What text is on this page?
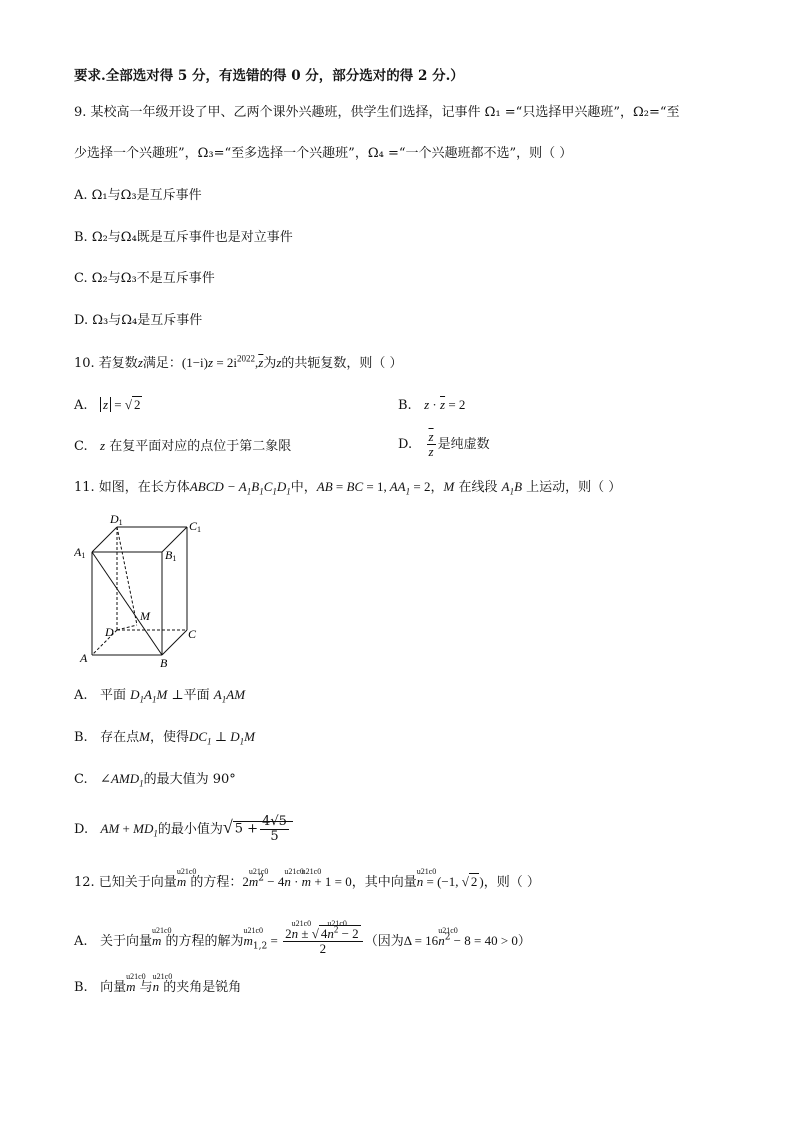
要求.全部选对得 5 分，有选错的得 0 分，部分选对的得 2 分.）
9. 某校高一年级开设了甲、乙两个课外兴趣班，供学生们选择，记事件 Ω₁ =“只选择甲兴趣班”，Ω₂=“至
少选择一个兴趣班”，Ω₃=“至多选择一个兴趣班”，Ω₄ =“一个兴趣班都不选”，则（ ）
A. Ω₁与Ω₃是互斥事件
B. Ω₂与Ω₄既是互斥事件也是对立事件
C. Ω₂与Ω₃不是互斥事件
D. Ω₃与Ω₄是互斥事件
10. 若复数z满足：$(1-i)z = 2i^{2022},\overline{z}$为z的共轭复数，则（ ）
A. z = √ 2	B. $z \cdot \overline{z} = 2$
C. z 在复平面对应的点位于第二象限	D. $\frac{\overline{z}}{z}$ 是纯虚数
11. 如图，在长方体ABCD − $A_1B_1C_1D_1$中，AB = BC = 1, $AA_1 = 2$，M 在线段 $A_1B$ 上运动，则（ ）
D1	C1
A1	B1
M
D	C
A	B
A. 平面 $D_1A_1M$ ⊥平面 $A_1AM$
B. 存在点M，使得$DC_1$ ⊥ $D_1M$
C. $\angle AMD_1$的最大值为 90°
D. AM + $MD_1$的最小值为√ $5 + \frac{4√5}{5}$
12. 已知关于向量u21c0 m 的方程：2u21c0 $m^2 - 4u21c0$ n · u21c0 m + 1 = 0，其中向量u21c0 n = (−1, √ 2 )，则（ ）
A. 关于向量u21c0 m 的方程的解为u21c0 $m_{1,2} = \frac{2u21c0 n \pm √ 4u21c0 n^2 - 2}{2}$ （因为Δ = 16u21c0 $n^2 - 8 = 40 > 0$）
B. 向量u21c0 m 与u21c0 n 的夹角是锐角
